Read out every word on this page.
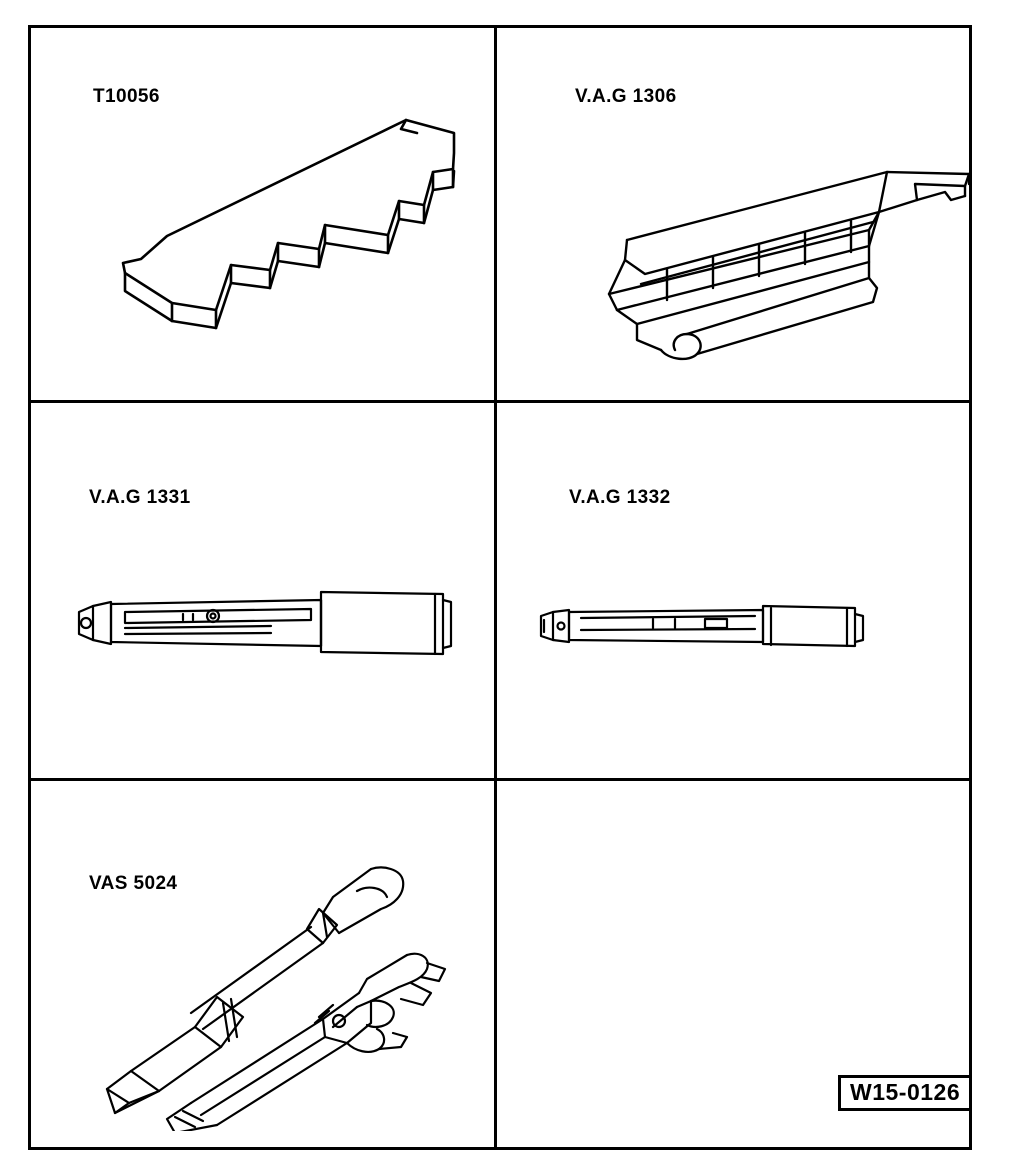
T10056	V.A.G 1306
V.A.G 1331	V.A.G 1332
VAS 5024
W15-0126
